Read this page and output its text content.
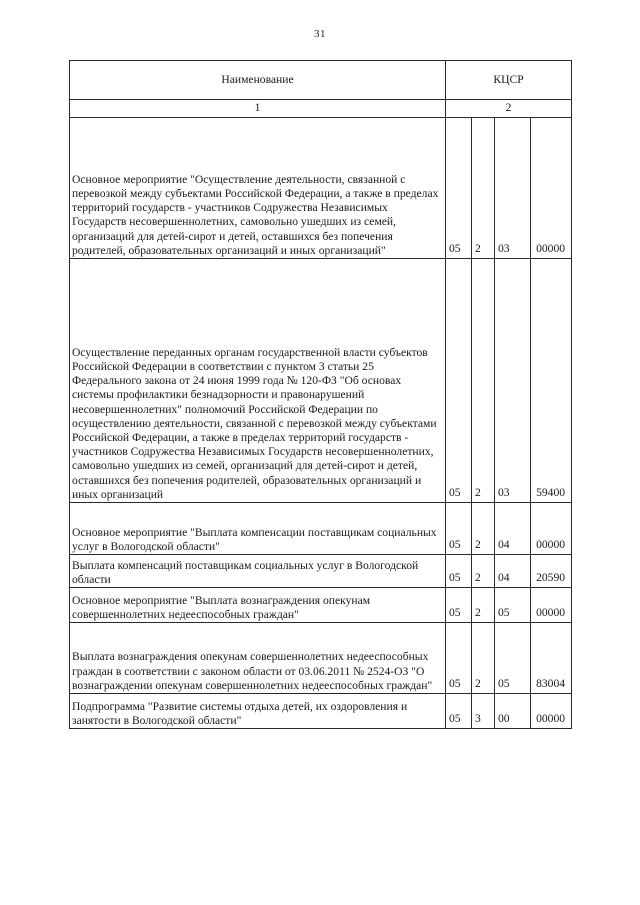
31
Наименование	КЦСР			
1	2			
Основное мероприятие "Осуществление деятельности, связанной с перевозкой между субъектами Российской Федерации, а также в пределах территорий государств - участников Содружества Независимых Государств несовершеннолетних, самовольно ушедших из семей, организаций для детей-сирот и детей, оставшихся без попечения родителей, образовательных организаций и иных организаций"	05	2	03	00000
Осуществление переданных органам государственной власти субъектов Российской Федерации в соответствии с пунктом 3 статьи 25 Федерального закона от 24 июня 1999 года № 120-ФЗ "Об основах системы профилактики безнадзорности и правонарушений несовершеннолетних" полномочий Российской Федерации по осуществлению деятельности, связанной с перевозкой между субъектами Российской Федерации, а также в пределах территорий государств - участников Содружества Независимых Государств несовершеннолетних, самовольно ушедших из семей, организаций для детей-сирот и детей, оставшихся без попечения родителей, образовательных организаций и иных организаций	05	2	03	59400
Основное мероприятие "Выплата компенсации поставщикам социальных услуг в Вологодской области"	05	2	04	00000
Выплата компенсаций поставщикам социальных услуг в Вологодской области	05	2	04	20590
Основное мероприятие "Выплата вознаграждения опекунам совершеннолетних недееспособных граждан"	05	2	05	00000
Выплата вознаграждения опекунам совершеннолетних недееспособных граждан в соответствии с законом области от 03.06.2011 № 2524-ОЗ "О вознаграждении опекунам совершеннолетних недееспособных граждан"	05	2	05	83004
Подпрограмма "Развитие системы отдыха детей, их оздоровления и занятости в Вологодской области"	05	3	00	00000
